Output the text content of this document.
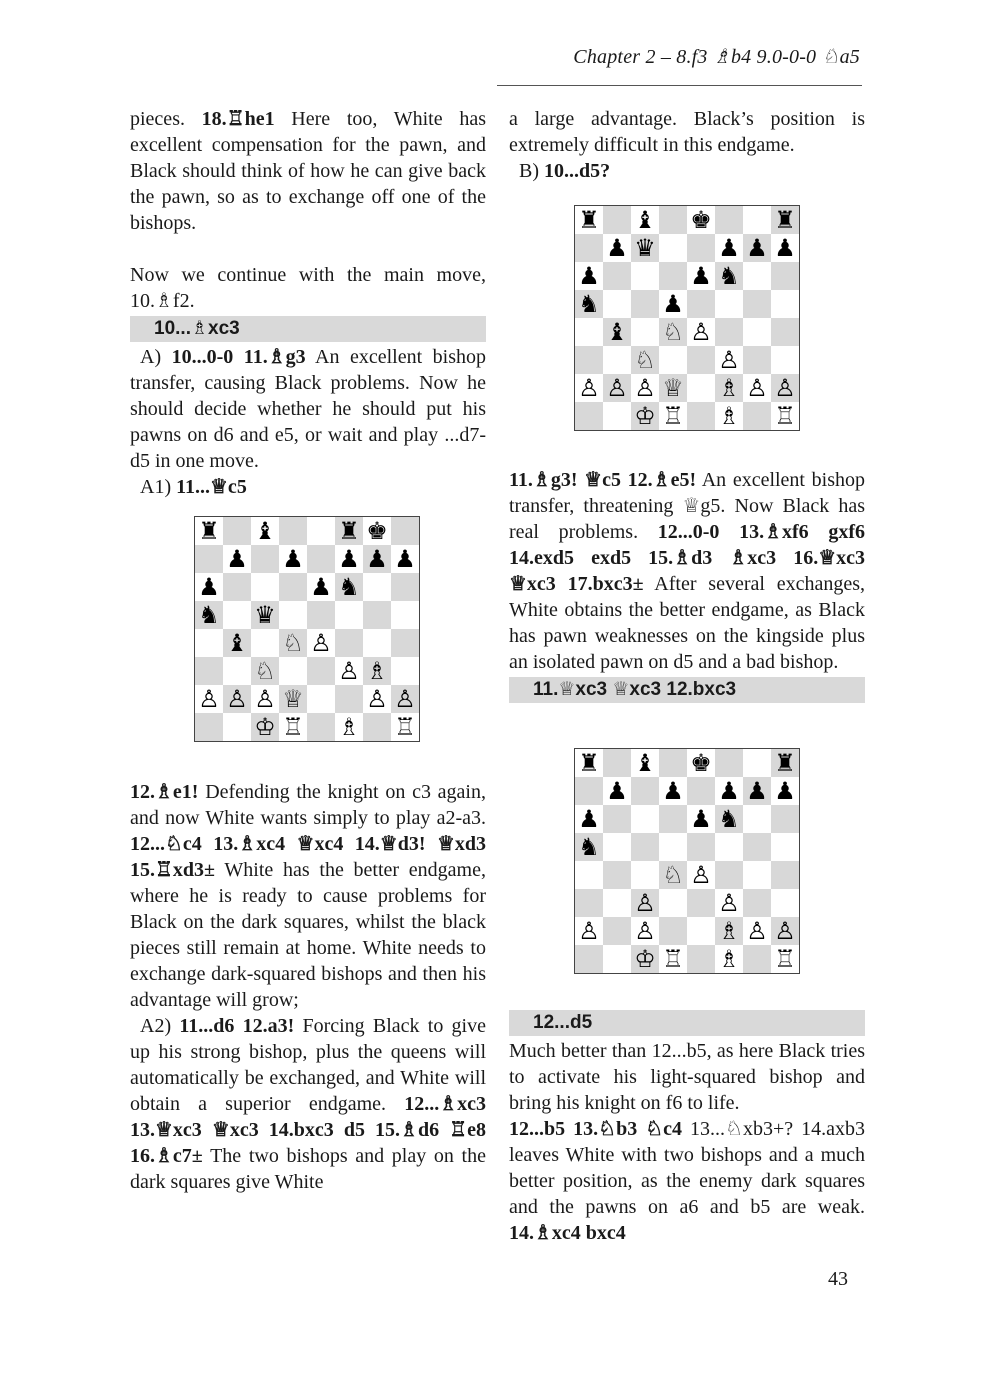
Chapter 2 – 8.f3 ♗b4 9.0-0-0 ♘a5

pieces. 18.♖he1 Here too, White has excellent compensation for the pawn, and Black should think of how he can give back the pawn, so as to exchange off one of the bishops.

Now we continue with the main move, 10.♗f2.

10...♗xc3

A) 10...0-0 11.♗g3 An excellent bishop transfer, causing Black problems. Now he should decide whether he should put his pawns on d6 and e5, or wait and play ...d7-d5 in one move.

A1) 11...♕c5

12.♗e1! Defending the knight on c3 again, and now White wants simply to play a2-a3. 12...♘c4 13.♗xc4 ♕xc4 14.♕d3! ♕xd3 15.♖xd3± White has the better endgame, where he is ready to cause problems for Black on the dark squares, whilst the black pieces still remain at home. White needs to exchange dark-squared bishops and then his advantage will grow;

A2) 11...d6 12.a3! Forcing Black to give up his strong bishop, plus the queens will automatically be exchanged, and White will obtain a superior endgame. 12...♗xc3 13.♕xc3 ♕xc3 14.bxc3 d5 15.♗d6 ♖e8 16.♗c7± The two bishops and play on the dark squares give White

a large advantage. Black’s position is extremely difficult in this endgame.

B) 10...d5?

11.♗g3! ♕c5 12.♗e5! An excellent bishop transfer, threatening ♕g5. Now Black has real problems. 12...0-0 13.♗xf6 gxf6 14.exd5 exd5 15.♗d3 ♗xc3 16.♕xc3 ♕xc3 17.bxc3± After several exchanges, White obtains the better endgame, as Black has pawn weaknesses on the kingside plus an isolated pawn on d5 and a bad bishop.

11.♕xc3 ♕xc3 12.bxc3
12...d5

Much better than 12...b5, as here Black tries to activate his light-squared bishop and bring his knight on f6 to life.

12...b5 13.♘b3 ♘c4 13...♘xb3+? 14.axb3 leaves White with two bishops and a much better position, as the enemy dark squares and the pawns on a6 and b5 are weak. 14.♗xc4 bxc4

♜ ♝	♜ ♚
♟ ♟ ♟ ♟ ♟
♟	♟ ♞
♞ ♛
♝ ♘ ♙
♘	♙ ♗
♙ ♙ ♙ ♕	♙ ♙
♔ ♖ ♗ ♖
♜ ♝ ♚	♜
♟ ♛	♟ ♟ ♟
♟	♟ ♞
♞	♟
♝ ♘ ♙
♘	♙
♙ ♙ ♙ ♕ ♗ ♙ ♙
♔ ♖ ♗ ♖
♜ ♝ ♚	♜
♟ ♟ ♟ ♟ ♟
♟	♟ ♞
♞
♘ ♙
♙	♙
♙ ♙	♗ ♙ ♙
♔ ♖ ♗ ♖
43
